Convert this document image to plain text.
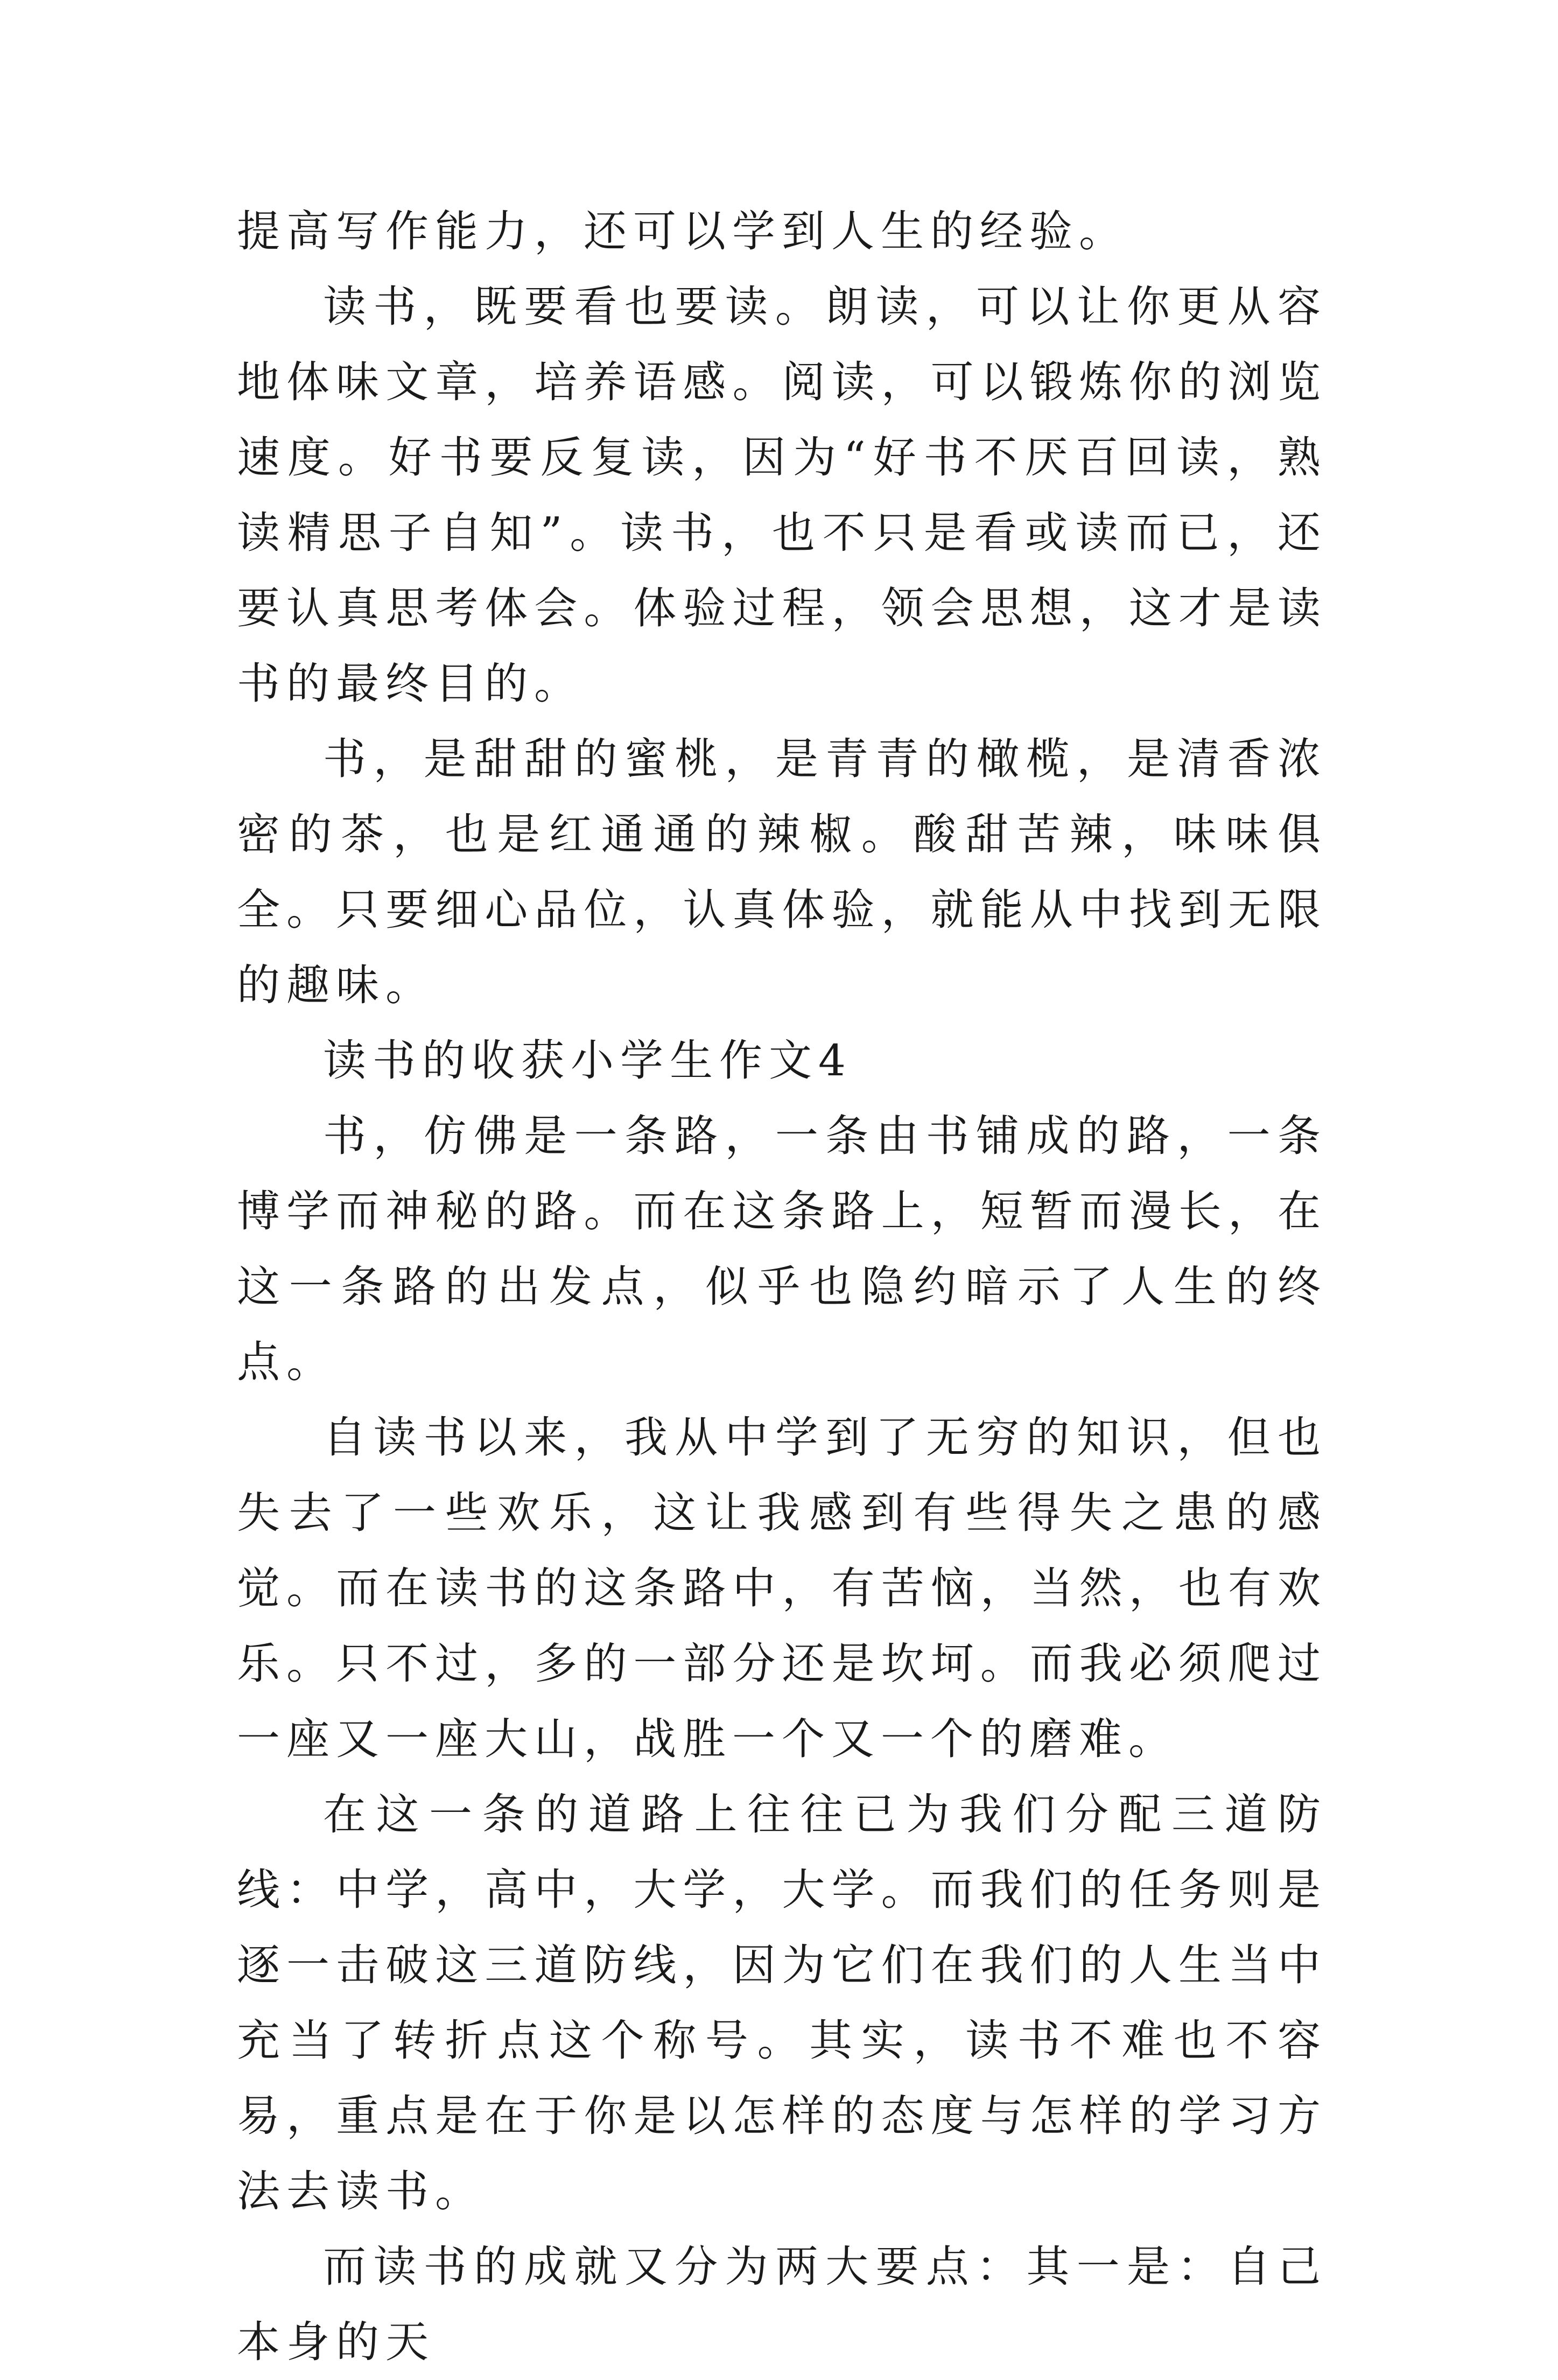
提高写作能力，还可以学到人生的经验。

读书，既要看也要读。朗读，可以让你更从容地体味文章，培养语感。阅读，可以锻炼你的浏览速度。好书要反复读，因为“好书不厌百回读，熟读精思子自知”。读书，也不只是看或读而已，还要认真思考体会。体验过程，领会思想，这才是读书的最终目的。

书，是甜甜的蜜桃，是青青的橄榄，是清香浓密的茶，也是红通通的辣椒。酸甜苦辣，味味俱全。只要细心品位，认真体验，就能从中找到无限的趣味。

读书的收获小学生作文4

书，仿佛是一条路，一条由书铺成的路，一条博学而神秘的路。而在这条路上，短暂而漫长，在这一条路的出发点，似乎也隐约暗示了人生的终点。

自读书以来，我从中学到了无穷的知识，但也失去了一些欢乐，这让我感到有些得失之患的感觉。而在读书的这条路中，有苦恼，当然，也有欢乐。只不过，多的一部分还是坎坷。而我必须爬过一座又一座大山，战胜一个又一个的磨难。

在这一条的道路上往往已为我们分配三道防线：中学，高中，大学，大学。而我们的任务则是逐一击破这三道防线，因为它们在我们的人生当中充当了转折点这个称号。其实，读书不难也不容易，重点是在于你是以怎样的态度与怎样的学习方法去读书。

而读书的成就又分为两大要点：其一是：自己本身的天
